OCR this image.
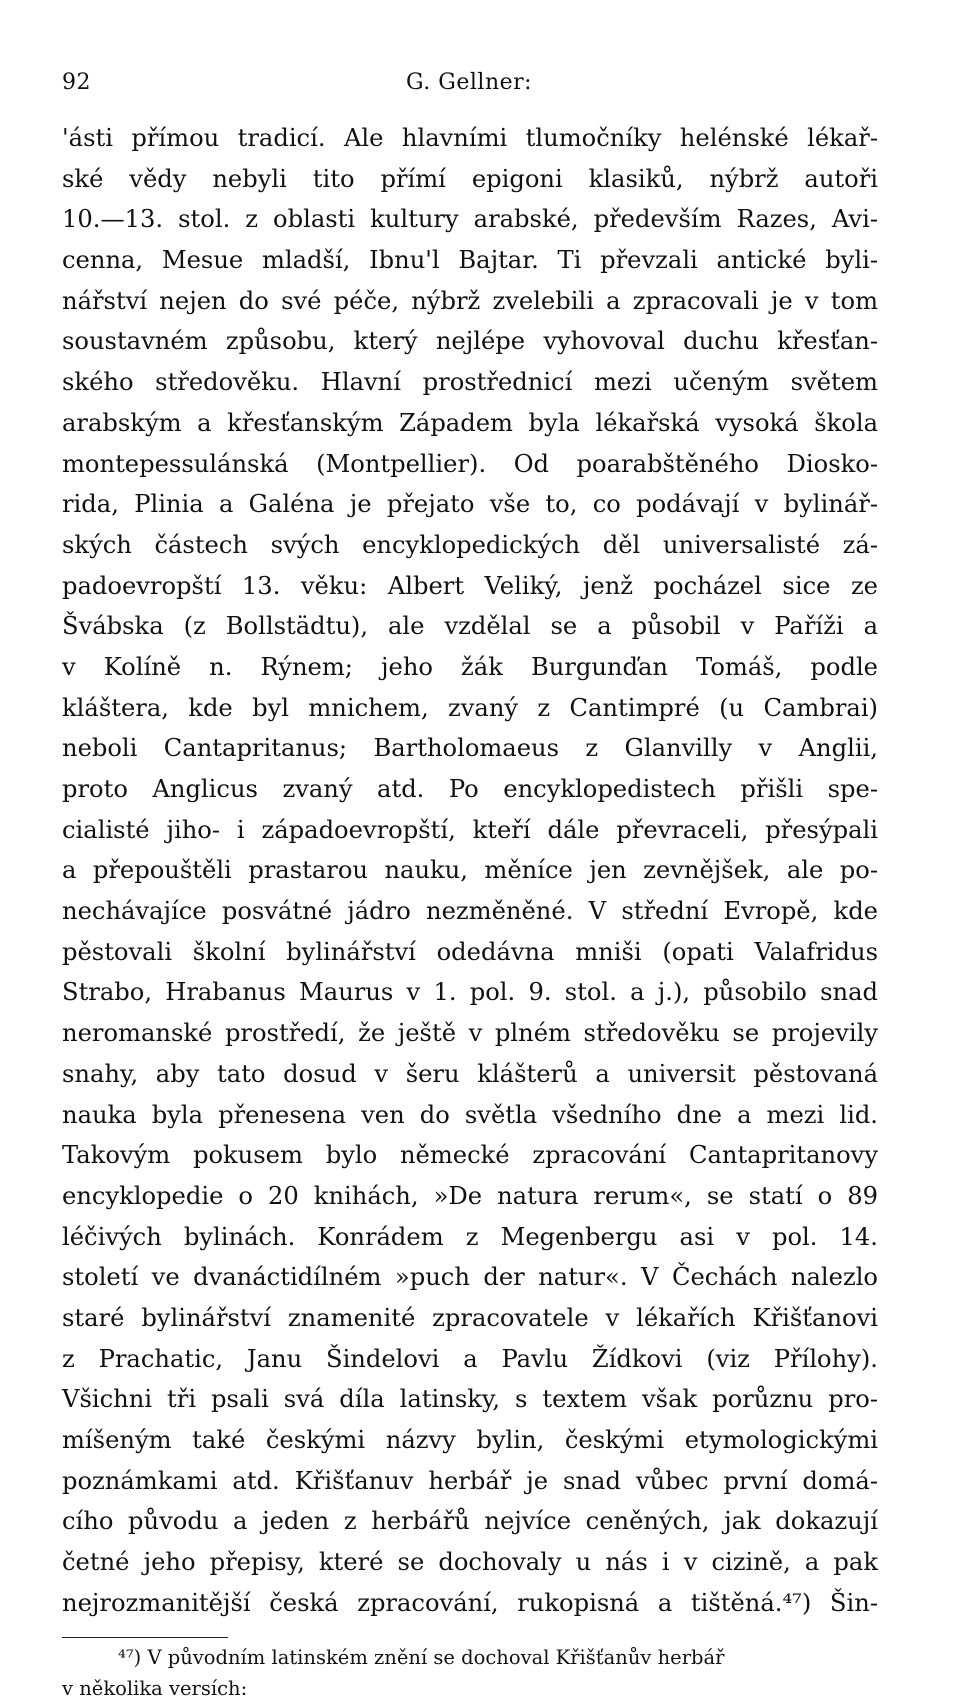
92	G. Gellner:
'ásti přímou tradicí. Ale hlavními tlumočníky helénské lékař-
ské vědy nebyli tito přímí epigoni klasiků, nýbrž autoři
10.—13. stol. z oblasti kultury arabské, především Razes, Avi-
cenna, Mesue mladší, Ibnu'l Bajtar. Ti převzali antické byli-
nářství nejen do své péče, nýbrž zvelebili a zpracovali je v tom
soustavném způsobu, který nejlépe vyhovoval duchu křesťan-
ského středověku. Hlavní prostřednicí mezi učeným světem
arabským a křesťanským Západem byla lékařská vysoká škola
montepessulánská (Montpellier). Od poarabštěného Diosko-
rida, Plinia a Galéna je přejato vše to, co podávají v bylinář-
ských částech svých encyklopedických děl universalisté zá-
padoevropští 13. věku: Albert Veliký, jenž pocházel sice ze
Švábska (z Bollstädtu), ale vzdělal se a působil v Paříži a
v Kolíně n. Rýnem; jeho žák Burgunďan Tomáš, podle
kláštera, kde byl mnichem, zvaný z Cantimpré (u Cambrai)
neboli Cantapritanus; Bartholomaeus z Glanvilly v Anglii,
proto Anglicus zvaný atd. Po encyklopedistech přišli spe-
cialisté jiho- i západoevropští, kteří dále převraceli, přesýpali
a přepouštěli prastarou nauku, měníce jen zevnějšek, ale po-
nechávajíce posvátné jádro nezměněné. V střední Evropě, kde
pěstovali školní bylinářství odedávna mniši (opati Valafridus
Strabo, Hrabanus Maurus v 1. pol. 9. stol. a j.), působilo snad
neromanské prostředí, že ještě v plném středověku se projevily
snahy, aby tato dosud v šeru klášterů a universit pěstovaná
nauka byla přenesena ven do světla všedního dne a mezi lid.
Takovým pokusem bylo německé zpracování Cantapritanovy
encyklopedie o 20 knihách, »De natura rerum«, se statí o 89
léčivých bylinách. Konrádem z Megenbergu asi v pol. 14.
století ve dvanáctidílném »puch der natur«. V Čechách nalezlo
staré bylinářství znamenité zpracovatele v lékařích Křišťanovi
z Prachatic, Janu Šindelovi a Pavlu Žídkovi (viz Přílohy).
Všichni tři psali svá díla latinsky, s textem však porůznu pro-
míšeným také českými názvy bylin, českými etymologickými
poznámkami atd. Křišťanuv herbář je snad vůbec první domá-
cího původu a jeden z herbářů nejvíce ceněných, jak dokazují
četné jeho přepisy, které se dochovaly u nás i v cizině, a pak
nejrozmanitější česká zpracování, rukopisná a tištěná.⁴⁷) Šin-
⁴⁷) V původním latinském znění se dochoval Křišťanův herbář
v několika versích:
